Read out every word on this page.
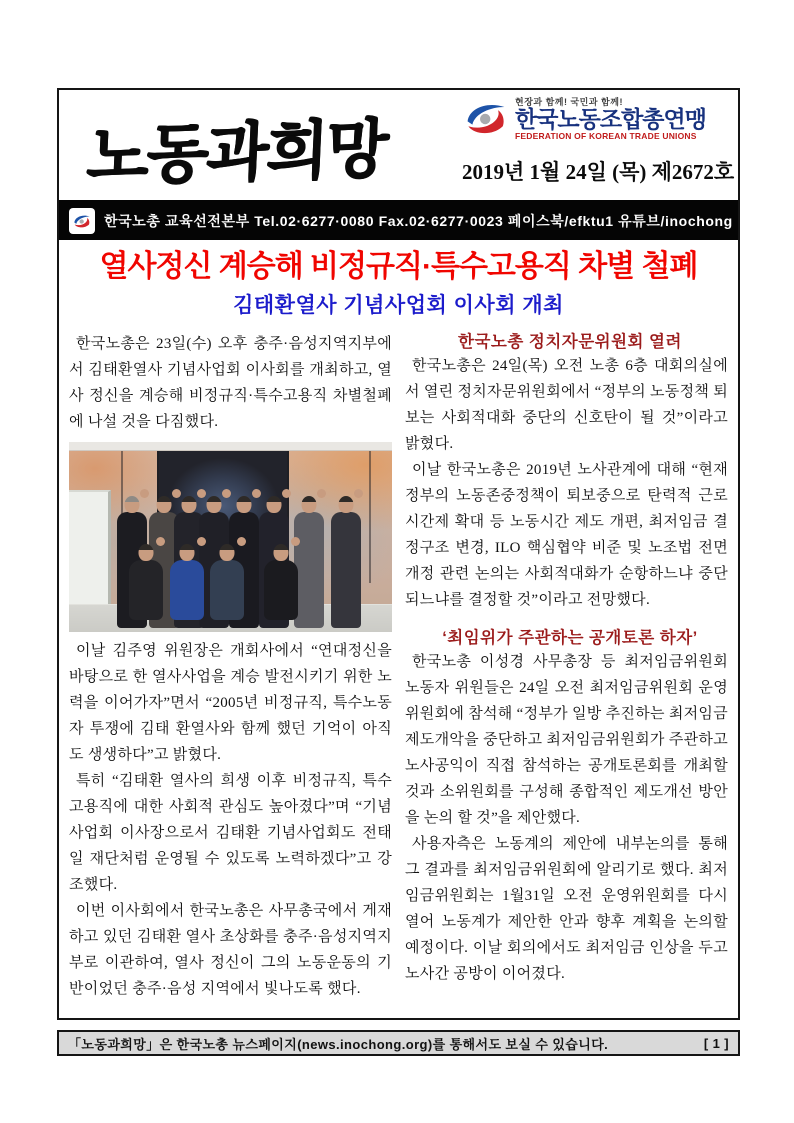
노동과희망
현장과 함께! 국민과 함께!
한국노동조합총연맹
FEDERATION OF KOREAN TRADE UNIONS
2019년 1월 24일 (목) 제2672호
한국노총 교육선전본부 Tel.02·6277·0080 Fax.02·6277·0023 페이스북/efktu1 유튜브/inochong
열사정신 계승해 비정규직·특수고용직 차별 철폐
김태환열사 기념사업회 이사회 개최

한국노총은 23일(수) 오후 충주·음성지역지부에서 김태환열사 기념사업회 이사회를 개최하고, 열사 정신을 계승해 비정규직·특수고용직 차별철폐에 나설 것을 다짐했다.

이날 김주영 위원장은 개회사에서 “연대정신을 바탕으로 한 열사사업을 계승 발전시키기 위한 노력을 이어가자”면서 “2005년 비정규직, 특수노동자 투쟁에 김태 환열사와 함께 했던 기억이 아직도 생생하다”고 밝혔다.

특히 “김태환 열사의 희생 이후 비정규직, 특수고용직에 대한 사회적 관심도 높아졌다”며 “기념사업회 이사장으로서 김태환 기념사업회도 전태일 재단처럼 운영될 수 있도록 노력하겠다”고 강조했다.

이번 이사회에서 한국노총은 사무총국에서 게재하고 있던 김태환 열사 초상화를 충주·음성지역지부로 이관하여, 열사 정신이 그의 노동운동의 기반이었던 충주·음성 지역에서 빛나도록 했다.

한국노총 정치자문위원회 열려

한국노총은 24일(목) 오전 노총 6층 대회의실에서 열린 정치자문위원회에서 “정부의 노동정책 퇴보는 사회적대화 중단의 신호탄이 될 것”이라고 밝혔다.

이날 한국노총은 2019년 노사관계에 대해 “현재 정부의 노동존중정책이 퇴보중으로 탄력적 근로시간제 확대 등 노동시간 제도 개편, 최저임금 결정구조 변경, ILO 핵심협약 비준 및 노조법 전면개정 관련 논의는 사회적대화가 순항하느냐 중단되느냐를 결정할 것”이라고 전망했다.

‘최임위가 주관하는 공개토론 하자’

한국노총 이성경 사무총장 등 최저임금위원회 노동자 위원들은 24일 오전 최저임금위원회 운영위원회에 참석해 “정부가 일방 추진하는 최저임금 제도개악을 중단하고 최저임금위원회가 주관하고 노사공익이 직접 참석하는 공개토론회를 개최할 것과 소위원회를 구성해 종합적인 제도개선 방안을 논의 할 것”을 제안했다.

사용자측은 노동계의 제안에 내부논의를 통해 그 결과를 최저임금위원회에 알리기로 했다. 최저임금위원회는 1월31일 오전 운영위원회를 다시 열어 노동계가 제안한 안과 향후 계획을 논의할 예정이다. 이날 회의에서도 최저임금 인상을 두고 노사간 공방이 이어졌다.

「노동과희망」은 한국노총 뉴스페이지(news.inochong.org)를 통해서도 보실 수 있습니다.	[ 1 ]
